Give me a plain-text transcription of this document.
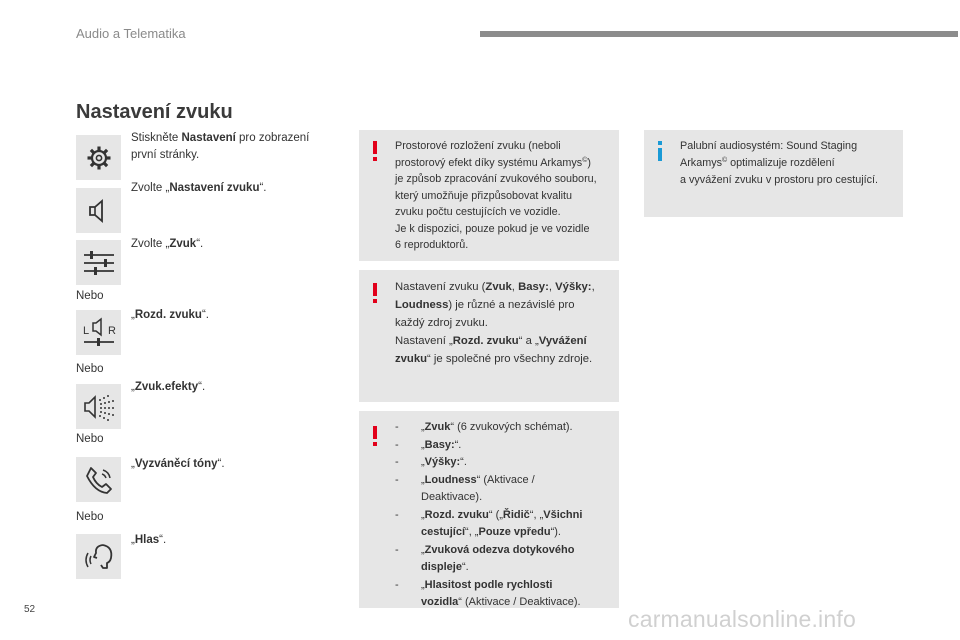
Audio a Telematika
Nastavení zvuku
Stiskněte Nastavení pro zobrazení první stránky.
Zvolte „Nastavení zvuku“.
Zvolte „Zvuk“.
Nebo
L R
„Rozd. zvuku“.
Nebo
„Zvuk.efekty“.
Nebo
„Vyzváněcí tóny“.
Nebo
„Hlas“.
Prostorové rozložení zvuku (neboli
prostorový efekt díky systému Arkamys©)
je způsob zpracování zvukového souboru,
který umožňuje přizpůsobovat kvalitu
zvuku počtu cestujících ve vozidle.
Je k dispozici, pouze pokud je ve vozidle
6 reproduktorů.
Nastavení zvuku (Zvuk, Basy:, Výšky:,
Loudness) je různé a nezávislé pro
každý zdroj zvuku.
Nastavení „Rozd. zvuku“ a „Vyvážení
zvuku“ je společné pro všechny zdroje.
Palubní audiosystém: Sound Staging
Arkamys© optimalizuje rozdělení
a vyvážení zvuku v prostoru pro cestující.
- „Zvuk“ (6 zvukových schémat).
- „Basy:“.
- „Výšky:“.
- „Loudness“ (Aktivace /
Deaktivace).
- „Rozd. zvuku“ („Řidič“, „Všichni
cestující“, „Pouze vpředu“).
- „Zvuková odezva dotykového
displeje“.
- „Hlasitost podle rychlosti
vozidla“ (Aktivace / Deaktivace).
52	carmanualsonline.info
